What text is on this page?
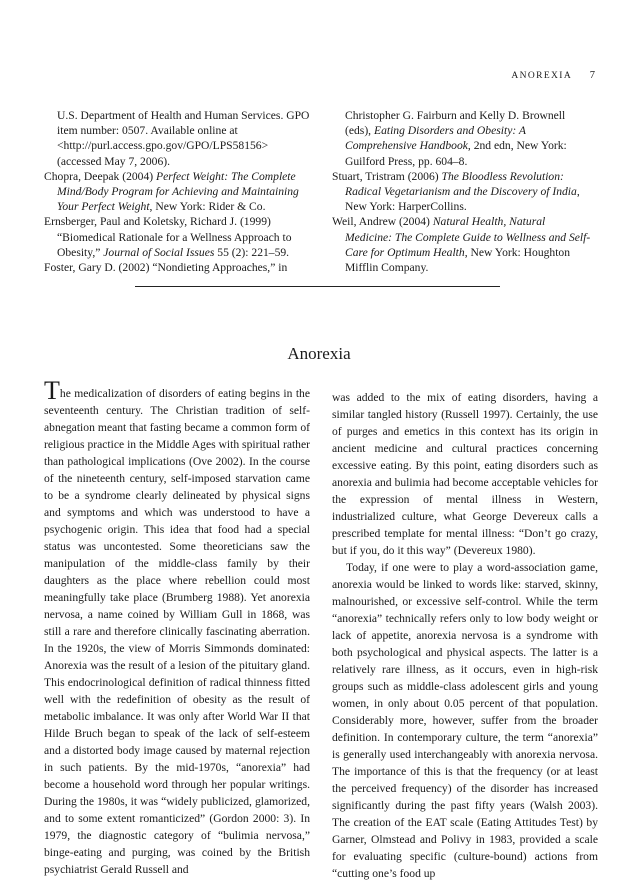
ANOREXIA 7

U.S. Department of Health and Human Services. GPO item number: 0507. Available online at <http://purl.access.gpo.gov/GPO/LPS58156> (accessed May 7, 2006).

Chopra, Deepak (2004) Perfect Weight: The Complete Mind/Body Program for Achieving and Maintaining Your Perfect Weight, New York: Rider & Co.

Ernsberger, Paul and Koletsky, Richard J. (1999) “Biomedical Rationale for a Wellness Approach to Obesity,” Journal of Social Issues 55 (2): 221–59.

Foster, Gary D. (2002) “Nondieting Approaches,” in

Christopher G. Fairburn and Kelly D. Brownell (eds), Eating Disorders and Obesity: A Comprehensive Handbook, 2nd edn, New York: Guilford Press, pp. 604–8.

Stuart, Tristram (2006) The Bloodless Revolution: Radical Vegetarianism and the Discovery of India, New York: HarperCollins.

Weil, Andrew (2004) Natural Health, Natural Medicine: The Complete Guide to Wellness and Self-Care for Optimum Health, New York: Houghton Mifflin Company.

Anorexia

The medicalization of disorders of eating begins in the seventeenth century. The Christian tradition of self-abnegation meant that fasting became a common form of religious practice in the Middle Ages with spiritual rather than pathological implications (Ove 2002). In the course of the nineteenth century, self-imposed starvation came to be a syndrome clearly delineated by physical signs and symptoms and which was understood to have a psychogenic origin. This idea that food had a special status was uncontested. Some theoreticians saw the manipulation of the middle-class family by their daughters as the place where rebellion could most meaningfully take place (Brumberg 1988). Yet anorexia nervosa, a name coined by William Gull in 1868, was still a rare and therefore clinically fascinating aberration. In the 1920s, the view of Morris Simmonds dominated: Anorexia was the result of a lesion of the pituitary gland. This endocrinological definition of radical thinness fitted well with the redefinition of obesity as the result of metabolic imbalance. It was only after World War II that Hilde Bruch began to speak of the lack of self-esteem and a distorted body image caused by maternal rejection in such patients. By the mid-1970s, “anorexia” had become a household word through her popular writings. During the 1980s, it was “widely publicized, glamorized, and to some extent romanticized” (Gordon 2000: 3). In 1979, the diagnostic category of “bulimia nervosa,” binge-eating and purging, was coined by the British psychiatrist Gerald Russell and

was added to the mix of eating disorders, having a similar tangled history (Russell 1997). Certainly, the use of purges and emetics in this context has its origin in ancient medicine and cultural practices concerning excessive eating. By this point, eating disorders such as anorexia and bulimia had become acceptable vehicles for the expression of mental illness in Western, industrialized culture, what George Devereux calls a prescribed template for mental illness: “Don’t go crazy, but if you, do it this way” (Devereux 1980).

Today, if one were to play a word-association game, anorexia would be linked to words like: starved, skinny, malnourished, or excessive self-control. While the term “anorexia” technically refers only to low body weight or lack of appetite, anorexia nervosa is a syndrome with both psychological and physical aspects. The latter is a relatively rare illness, as it occurs, even in high-risk groups such as middle-class adolescent girls and young women, in only about 0.05 percent of that population. Considerably more, however, suffer from the broader definition. In contemporary culture, the term “anorexia” is generally used interchangeably with anorexia nervosa. The importance of this is that the frequency (or at least the perceived frequency) of the disorder has increased significantly during the past fifty years (Walsh 2003). The creation of the EAT scale (Eating Attitudes Test) by Garner, Olmstead and Polivy in 1983, provided a scale for evaluating specific (culture-bound) actions from “cutting one’s food up
